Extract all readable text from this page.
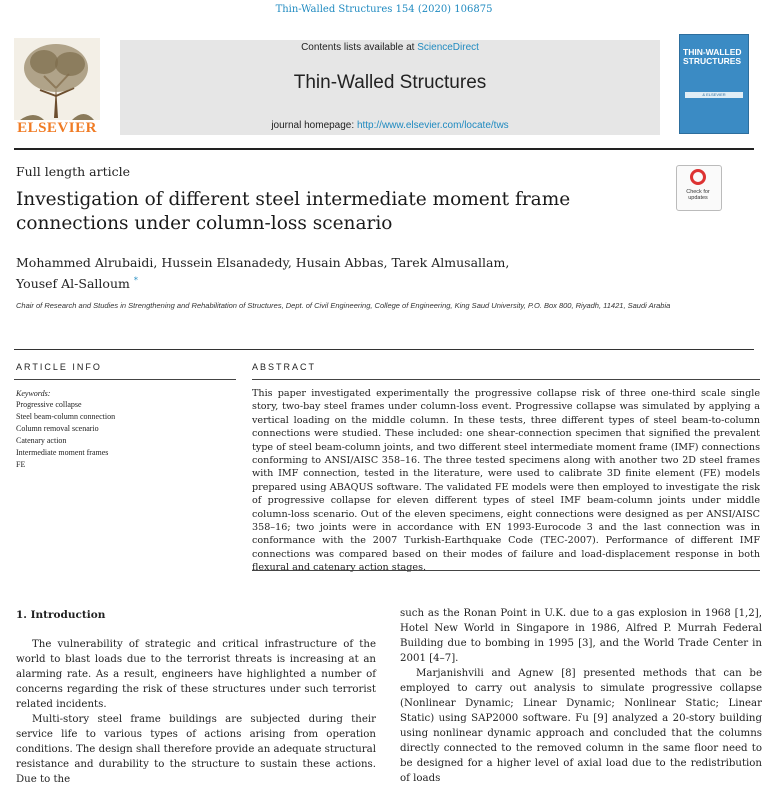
Thin-Walled Structures 154 (2020) 106875
ELSEVIER
Contents lists available at ScienceDirect
Thin-Walled Structures
journal homepage: http://www.elsevier.com/locate/tws
THIN-WALLED STRUCTURES
& ELSEVIER
Full length article
Investigation of different steel intermediate moment frame connections under column-loss scenario
Check for updates
Mohammed Alrubaidi, Hussein Elsanadedy, Husain Abbas, Tarek Almusallam,
Yousef Al-Salloum *
Chair of Research and Studies in Strengthening and Rehabilitation of Structures, Dept. of Civil Engineering, College of Engineering, King Saud University, P.O. Box 800, Riyadh, 11421, Saudi Arabia
ARTICLE INFO
Keywords:
Progressive collapse
Steel beam-column connection
Column removal scenario
Catenary action
Intermediate moment frames
FE
ABSTRACT
This paper investigated experimentally the progressive collapse risk of three one-third scale single story, two-bay steel frames under column-loss event. Progressive collapse was simulated by applying a vertical loading on the middle column. In these tests, three different types of steel beam-to-column connections were studied. These included: one shear-connection specimen that signified the prevalent type of steel beam-column joints, and two different steel intermediate moment frame (IMF) connections conforming to ANSI/AISC 358–16. The three tested specimens along with another two 2D steel frames with IMF connection, tested in the literature, were used to calibrate 3D finite element (FE) models prepared using ABAQUS software. The validated FE models were then employed to investigate the risk of progressive collapse for eleven different types of steel IMF beam-column joints under middle column-loss scenario. Out of the eleven specimens, eight connections were designed as per ANSI/AISC 358–16; two joints were in accordance with EN 1993-Eurocode 3 and the last connection was in conformance with the 2007 Turkish-Earthquake Code (TEC-2007). Performance of different IMF connections was compared based on their modes of failure and load-displacement response in both flexural and catenary action stages.
1. Introduction

The vulnerability of strategic and critical infrastructure of the world to blast loads due to the terrorist threats is increasing at an alarming rate. As a result, engineers have highlighted a number of concerns regarding the risk of these structures under such terrorist related incidents.

Multi-story steel frame buildings are subjected during their service life to various types of actions arising from operation conditions. The design shall therefore provide an adequate structural resistance and durability to the structure to sustain these actions. Due to the

such as the Ronan Point in U.K. due to a gas explosion in 1968 [1,2], Hotel New World in Singapore in 1986, Alfred P. Murrah Federal Building due to bombing in 1995 [3], and the World Trade Center in 2001 [4–7].

Marjanishvili and Agnew [8] presented methods that can be employed to carry out analysis to simulate progressive collapse (Nonlinear Dynamic; Linear Dynamic; Nonlinear Static; Linear Static) using SAP2000 software. Fu [9] analyzed a 20-story building using nonlinear dynamic approach and concluded that the columns directly connected to the removed column in the same floor need to be designed for a higher level of axial load due to the redistribution of loads
